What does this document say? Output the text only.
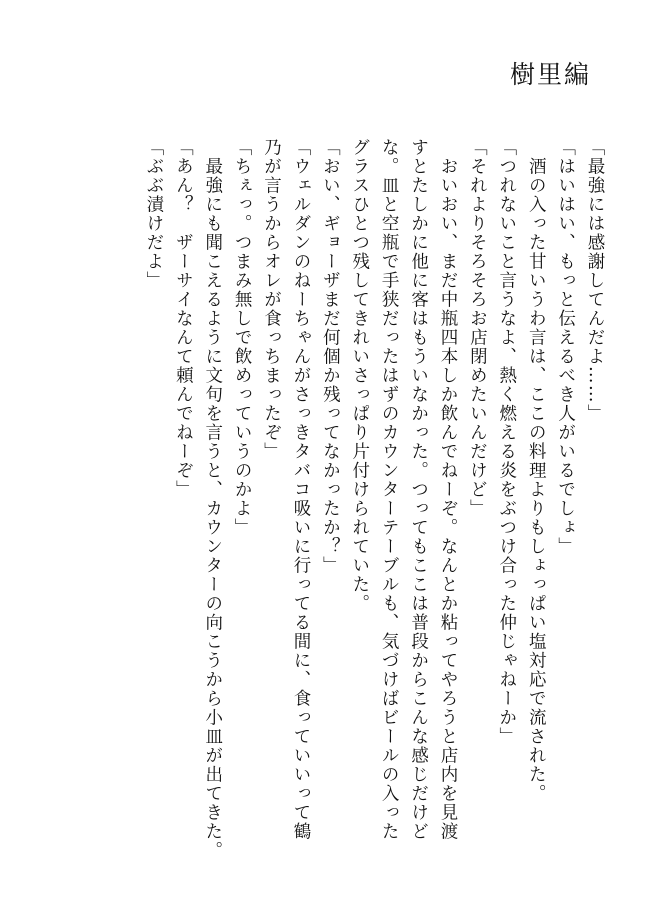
樹里編
「最強には感謝してんだよ……」
「はいはい、もっと伝えるべき人がいるでしょ」
　酒の入った甘いうわ言は、ここの料理よりもしょっぱい塩対応で流された。
「つれないこと言うなよ、熱く燃える炎をぶつけ合った仲じゃねーか」
「それよりそろそろお店閉めたいんだけど」
　おいおい、まだ中瓶四本しか飲んでねーぞ。なんとか粘ってやろうと店内を見渡
すとたしかに他に客はもういなかった。つってもここは普段からこんな感じだけど
な。皿と空瓶で手狭だったはずのカウンターテーブルも、気づけばビールの入った
グラスひとつ残してきれいさっぱり片付けられていた。
「おい、ギョーザまだ何個か残ってなかったか？」
「ウェルダンのねーちゃんがさっきタバコ吸いに行ってる間に、食っていいって鶴
乃が言うからオレが食っちまったぞ」
「ちぇっ。つまみ無しで飲めっていうのかよ」
　最強にも聞こえるように文句を言うと、カウンターの向こうから小皿が出てきた。
「あん？　ザーサイなんて頼んでねーぞ」
「ぶぶ漬けだよ」
